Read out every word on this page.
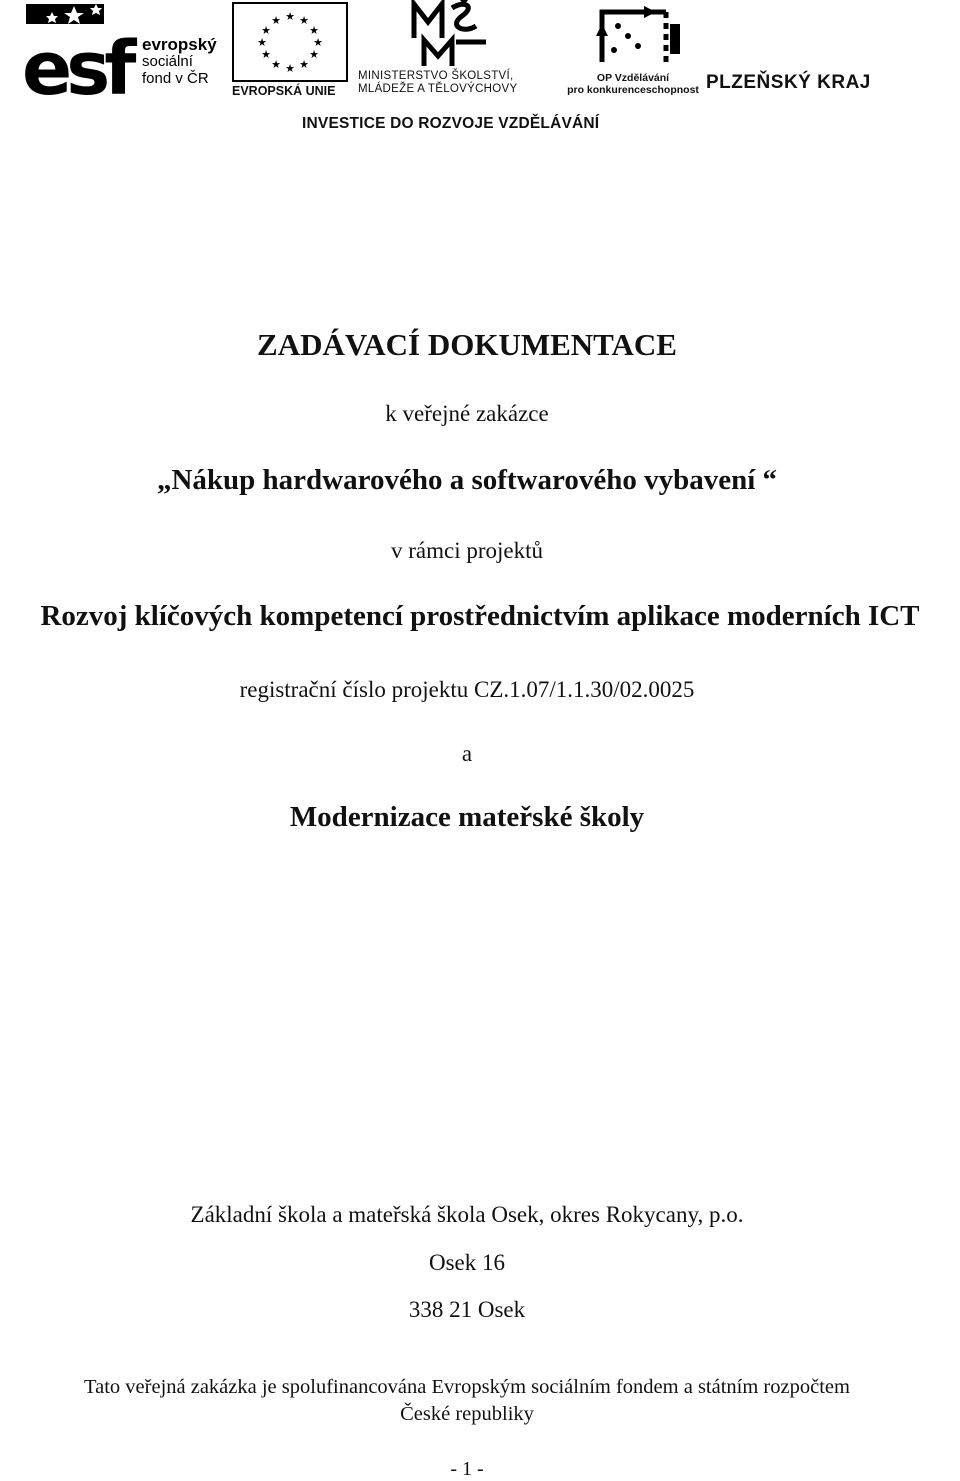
esf evropský
sociální
fond v ČR
★ ★
★
★
★
★
★
★
★
★
★
★
EVROPSKÁ UNIE
MINISTERSTVO ŠKOLSTVÍ,
MLÁDEŽE A TĚLOVÝCHOVY
OP Vzdělávání
pro konkurenceschopnost PLZEŇSKÝ KRAJ
INVESTICE DO ROZVOJE VZDĚLÁVÁNÍ
ZADÁVACÍ DOKUMENTACE
k veřejné zakázce
„Nákup hardwarového a softwarového vybavení “
v rámci projektů
Rozvoj klíčových kompetencí prostřednictvím aplikace moderních ICT
registrační číslo projektu CZ.1.07/1.1.30/02.0025
a
Modernizace mateřské školy
Základní škola a mateřská škola Osek, okres Rokycany, p.o.
Osek 16
338 21 Osek
Tato veřejná zakázka je spolufinancována Evropským sociálním fondem a státním rozpočtem
České republiky
- 1 -
